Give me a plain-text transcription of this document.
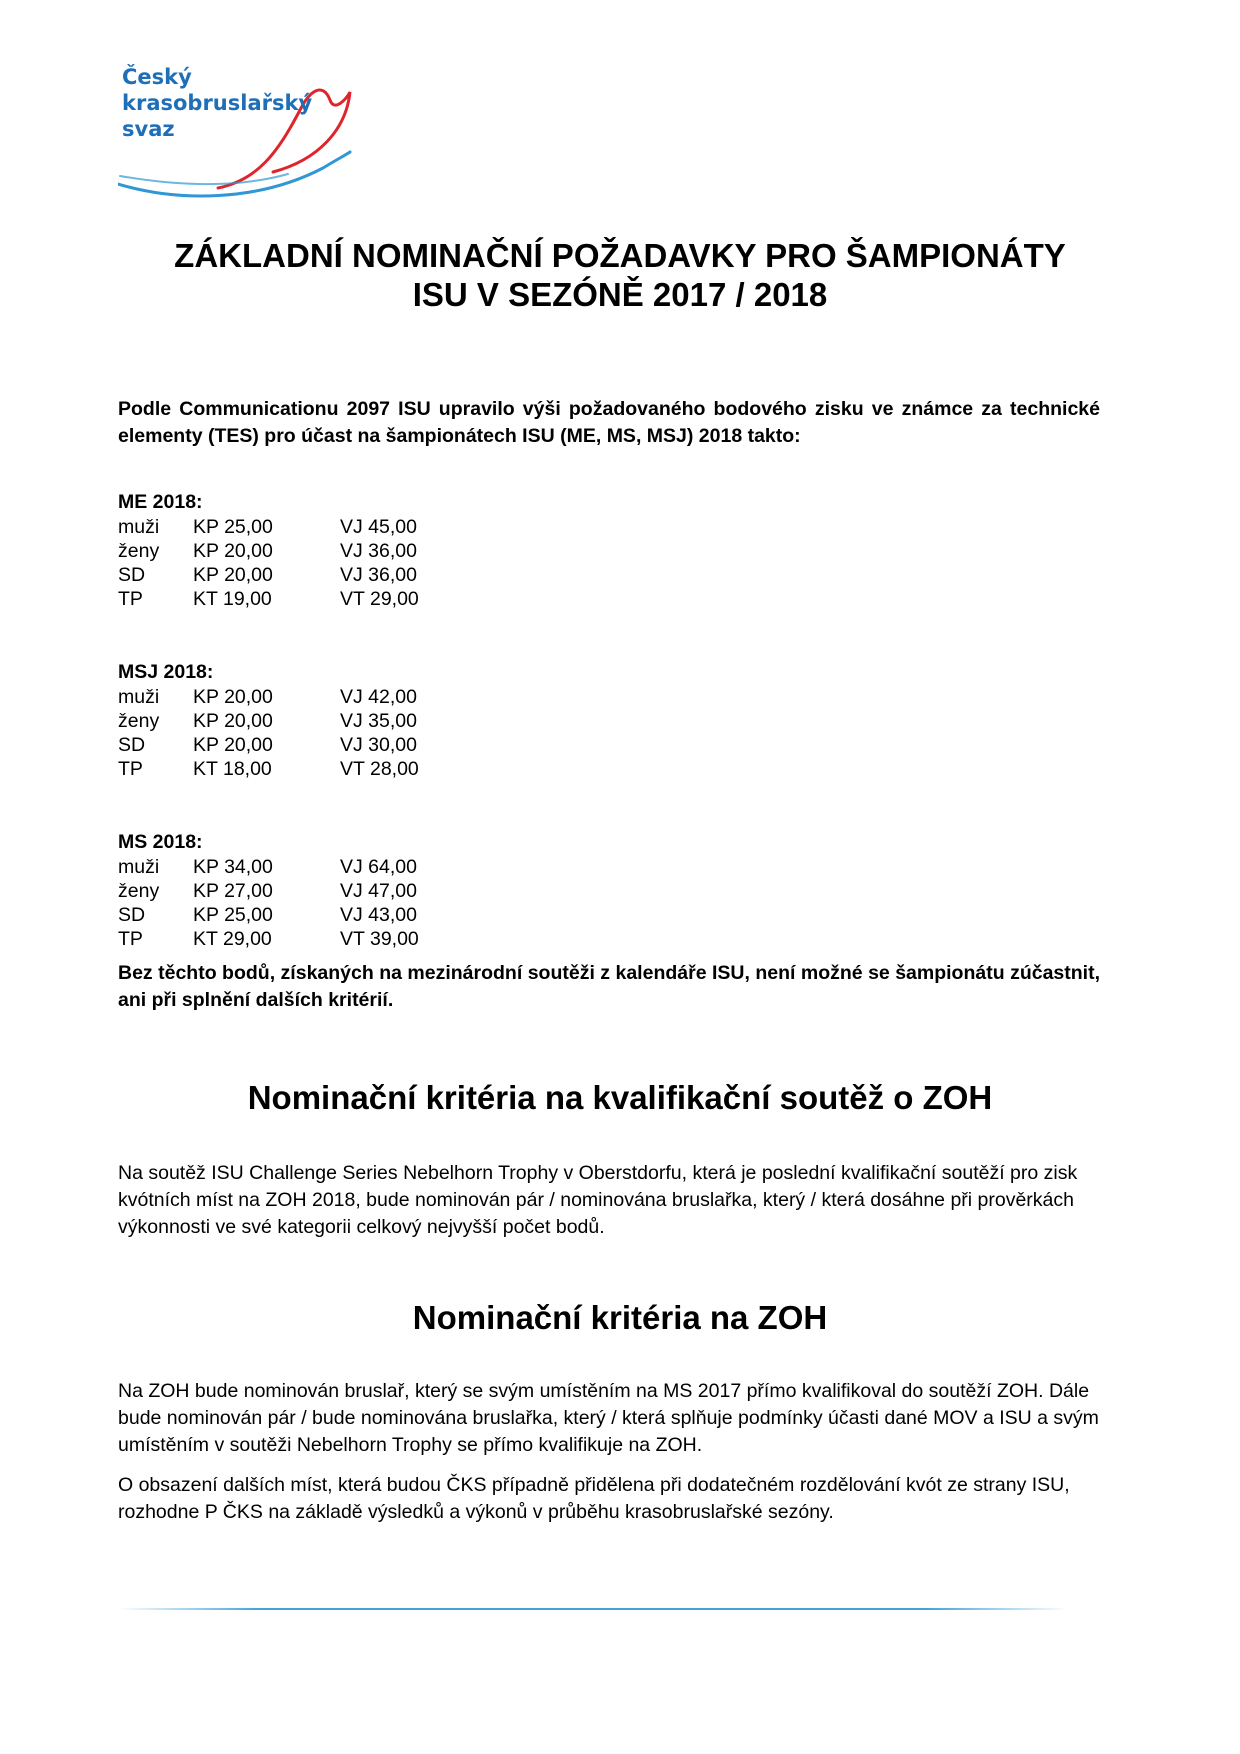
Český
krasobruslařský
svaz
ZÁKLADNÍ NOMINAČNÍ POŽADAVKY PRO ŠAMPIONÁTY
ISU V SEZÓNĚ 2017 / 2018
Podle Communicationu 2097 ISU upravilo výši požadovaného bodového zisku ve známce za technické elementy (TES) pro účast na šampionátech ISU (ME, MS, MSJ) 2018 takto:
ME 2018:
muži KP 25,00	VJ 45,00
ženy KP 20,00	VJ 36,00
SD KP 20,00	VJ 36,00
TP	KT 19,00	VT 29,00
MSJ 2018:
muži KP 20,00	VJ 42,00
ženy KP 20,00	VJ 35,00
SD KP 20,00	VJ 30,00
TP	KT 18,00	VT 28,00
MS 2018:
muži KP 34,00	VJ 64,00
ženy KP 27,00	VJ 47,00
SD KP 25,00	VJ 43,00
TP	KT 29,00	VT 39,00
Bez těchto bodů, získaných na mezinárodní soutěži z kalendáře ISU, není možné se šampionátu zúčastnit, ani při splnění dalších kritérií.
Nominační kritéria na kvalifikační soutěž o ZOH
Na soutěž ISU Challenge Series Nebelhorn Trophy v Oberstdorfu, která je poslední kvalifikační soutěží pro zisk kvótních míst na ZOH 2018, bude nominován pár / nominována bruslařka, který / která dosáhne při prověrkách výkonnosti ve své kategorii celkový nejvyšší počet bodů.
Nominační kritéria na ZOH
Na ZOH bude nominován bruslař, který se svým umístěním na MS 2017 přímo kvalifikoval do soutěží ZOH. Dále bude nominován pár / bude nominována bruslařka, který / která splňuje podmínky účasti dané MOV a ISU a svým umístěním v soutěži Nebelhorn Trophy se přímo kvalifikuje na ZOH.
O obsazení dalších míst, která budou ČKS případně přidělena při dodatečném rozdělování kvót ze strany ISU, rozhodne P ČKS na základě výsledků a výkonů v průběhu krasobruslařské sezóny.
